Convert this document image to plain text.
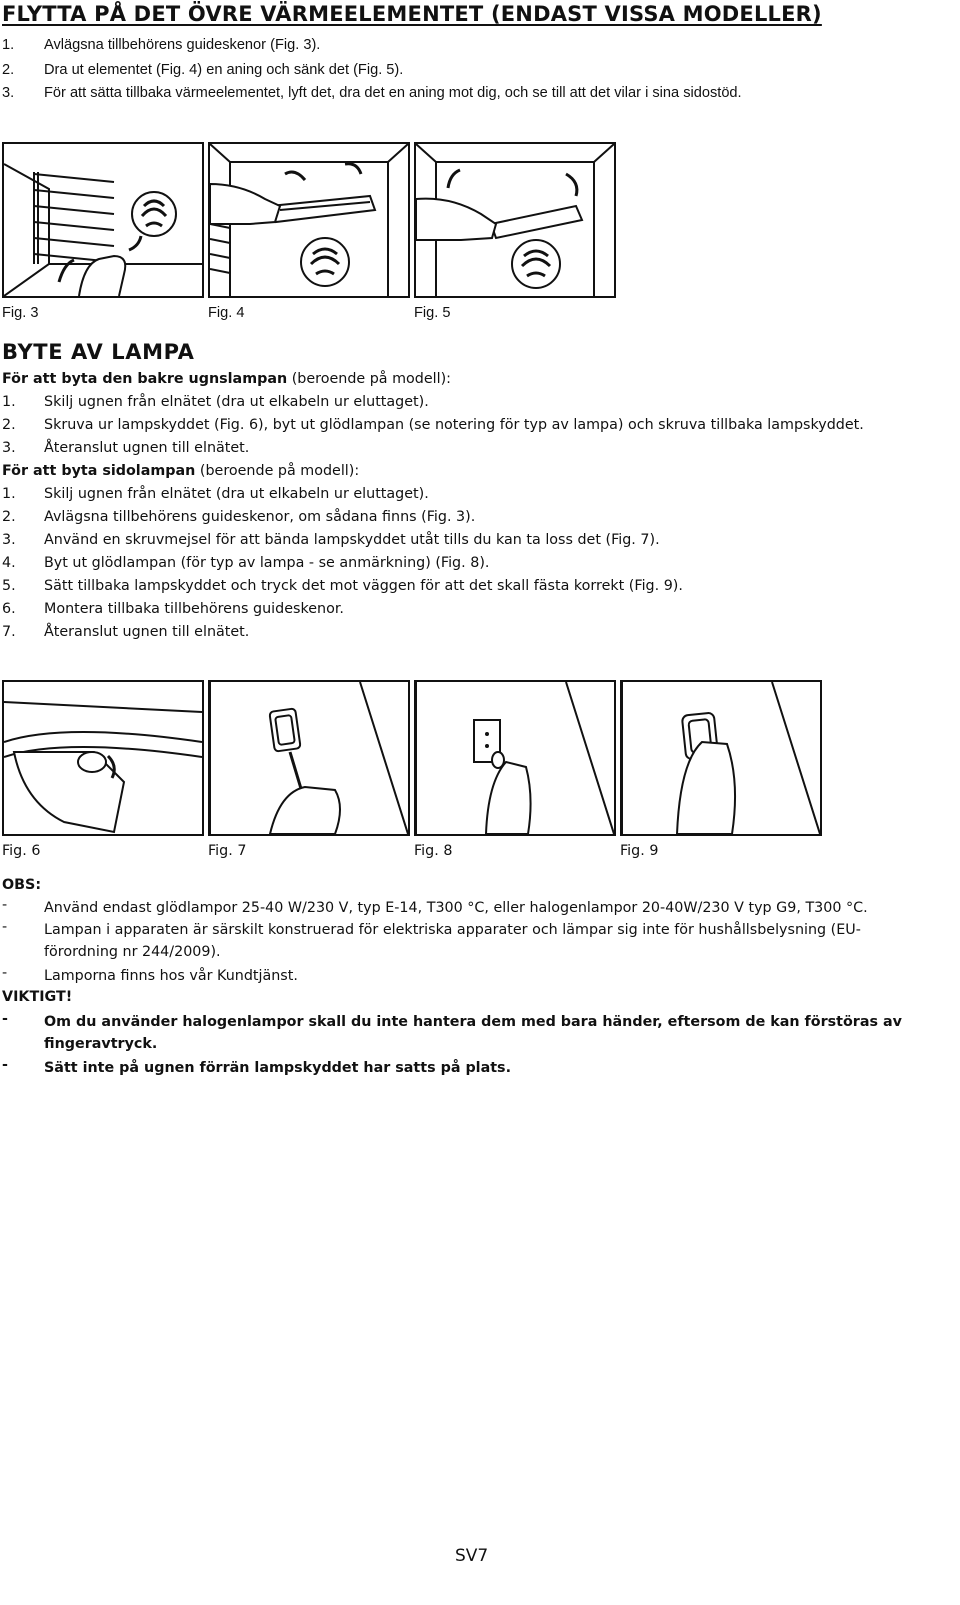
FLYTTA PÅ DET ÖVRE VÄRMEELEMENTET (ENDAST VISSA MODELLER)
1. Avlägsna tillbehörens guideskenor (Fig. 3).
2. Dra ut elementet (Fig. 4) en aning och sänk det (Fig. 5).
3. För att sätta tillbaka värmeelementet, lyft det, dra det en aning mot dig, och se till att det vilar i sina sidostöd.
Fig. 3	Fig. 4	Fig. 5
BYTE AV LAMPA
För att byta den bakre ugnslampan (beroende på modell):
1. Skilj ugnen från elnätet (dra ut elkabeln ur eluttaget).
2. Skruva ur lampskyddet (Fig. 6), byt ut glödlampan (se notering för typ av lampa) och skruva tillbaka lampskyddet.
3. Återanslut ugnen till elnätet.
För att byta sidolampan (beroende på modell):
1. Skilj ugnen från elnätet (dra ut elkabeln ur eluttaget).
2. Avlägsna tillbehörens guideskenor, om sådana finns (Fig. 3).
3. Använd en skruvmejsel för att bända lampskyddet utåt tills du kan ta loss det (Fig. 7).
4. Byt ut glödlampan (för typ av lampa - se anmärkning) (Fig. 8).
5. Sätt tillbaka lampskyddet och tryck det mot väggen för att det skall fästa korrekt (Fig. 9).
6. Montera tillbaka tillbehörens guideskenor.
7. Återanslut ugnen till elnätet.
Fig. 6	Fig. 7	Fig. 8	Fig. 9
OBS:
-	Använd endast glödlampor 25-40 W/230 V, typ E-14, T300 °C, eller halogenlampor 20-40W/230 V typ G9, T300 °C.
-	Lampan i apparaten är särskilt konstruerad för elektriska apparater och lämpar sig inte för hushållsbelysning (EU-förordning nr 244/2009).
-	Lamporna finns hos vår Kundtjänst.
VIKTIGT!
-	Om du använder halogenlampor skall du inte hantera dem med bara händer, eftersom de kan förstöras av fingeravtryck.
-	Sätt inte på ugnen förrän lampskyddet har satts på plats.
SV7
